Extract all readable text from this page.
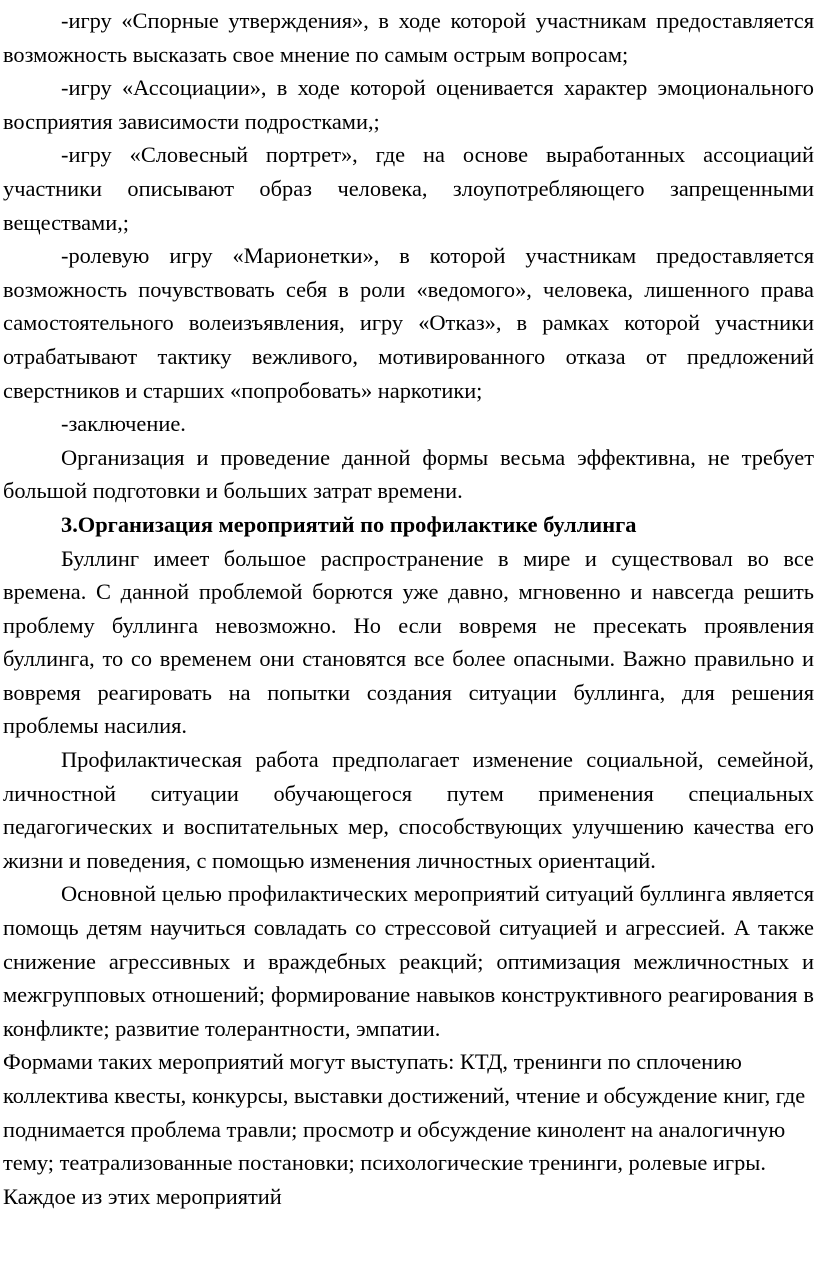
-игру «Спорные утверждения», в ходе которой участникам предоставляется возможность высказать свое мнение по самым острым вопросам;

-игру «Ассоциации», в ходе которой оценивается характер эмоционального восприятия зависимости подростками,;

-игру «Словесный портрет», где на основе выработанных ассоциаций участники описывают образ человека, злоупотребляющего запрещенными веществами,;

-ролевую игру «Марионетки», в которой участникам предоставляется возможность почувствовать себя в роли «ведомого», человека, лишенного права самостоятельного волеизъявления, игру «Отказ», в рамках которой участники отрабатывают тактику вежливого, мотивированного отказа от предложений сверстников и старших «попробовать» наркотики;

-заключение.

Организация и проведение данной формы весьма эффективна, не требует большой подготовки и больших затрат времени.

3.Организация мероприятий по профилактике буллинга

Буллинг имеет большое распространение в мире и существовал во все времена. С данной проблемой борются уже давно, мгновенно и навсегда решить проблему буллинга невозможно. Но если вовремя не пресекать проявления буллинга, то со временем они становятся все более опасными. Важно правильно и вовремя реагировать на попытки создания ситуации буллинга, для решения проблемы насилия.

Профилактическая работа предполагает изменение социальной, семейной, личностной ситуации обучающегося путем применения специальных педагогических и воспитательных мер, способствующих улучшению качества его жизни и поведения, с помощью изменения личностных ориентаций.

Основной целью профилактических мероприятий ситуаций буллинга является помощь детям научиться совладать со стрессовой ситуацией и агрессией. А также снижение агрессивных и враждебных реакций; оптимизация межличностных и межгрупповых отношений; формирование навыков конструктивного реагирования в конфликте; развитие толерантности, эмпатии.

Формами таких мероприятий могут выступать: КТД, тренинги по сплочению коллектива квесты, конкурсы, выставки достижений, чтение и обсуждение книг, где поднимается проблема травли; просмотр и обсуждение кинолент на аналогичную тему; театрализованные постановки; психологические тренинги, ролевые игры. Каждое из этих мероприятий
